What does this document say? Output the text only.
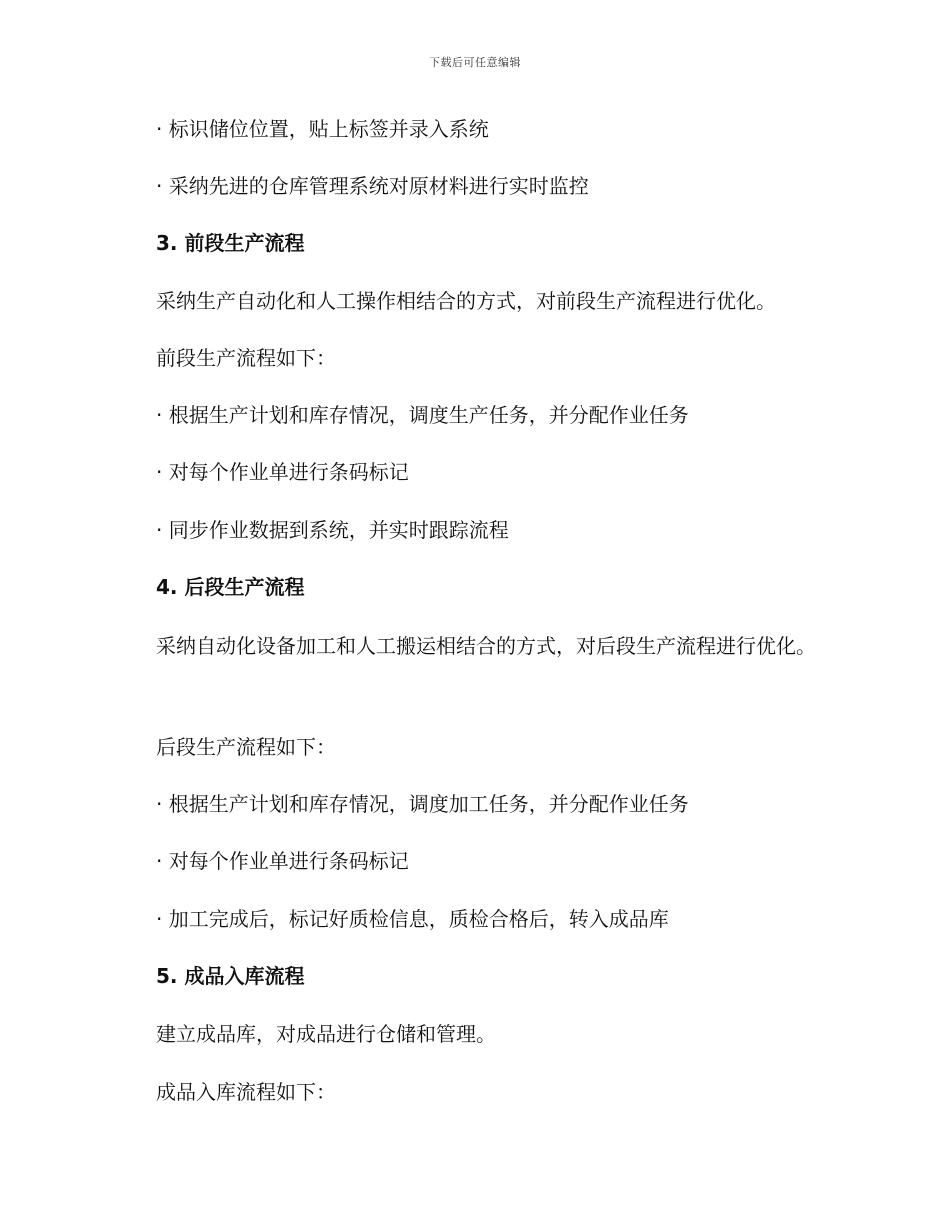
下载后可任意编辑
· 标识储位位置，贴上标签并录入系统
· 采纳先进的仓库管理系统对原材料进行实时监控
3. 前段生产流程
采纳生产自动化和人工操作相结合的方式，对前段生产流程进行优化。
前段生产流程如下：
· 根据生产计划和库存情况，调度生产任务，并分配作业任务
· 对每个作业单进行条码标记
· 同步作业数据到系统，并实时跟踪流程
4. 后段生产流程
采纳自动化设备加工和人工搬运相结合的方式，对后段生产流程进行优化。
后段生产流程如下：
· 根据生产计划和库存情况，调度加工任务，并分配作业任务
· 对每个作业单进行条码标记
· 加工完成后，标记好质检信息，质检合格后，转入成品库
5. 成品入库流程
建立成品库，对成品进行仓储和管理。
成品入库流程如下：
